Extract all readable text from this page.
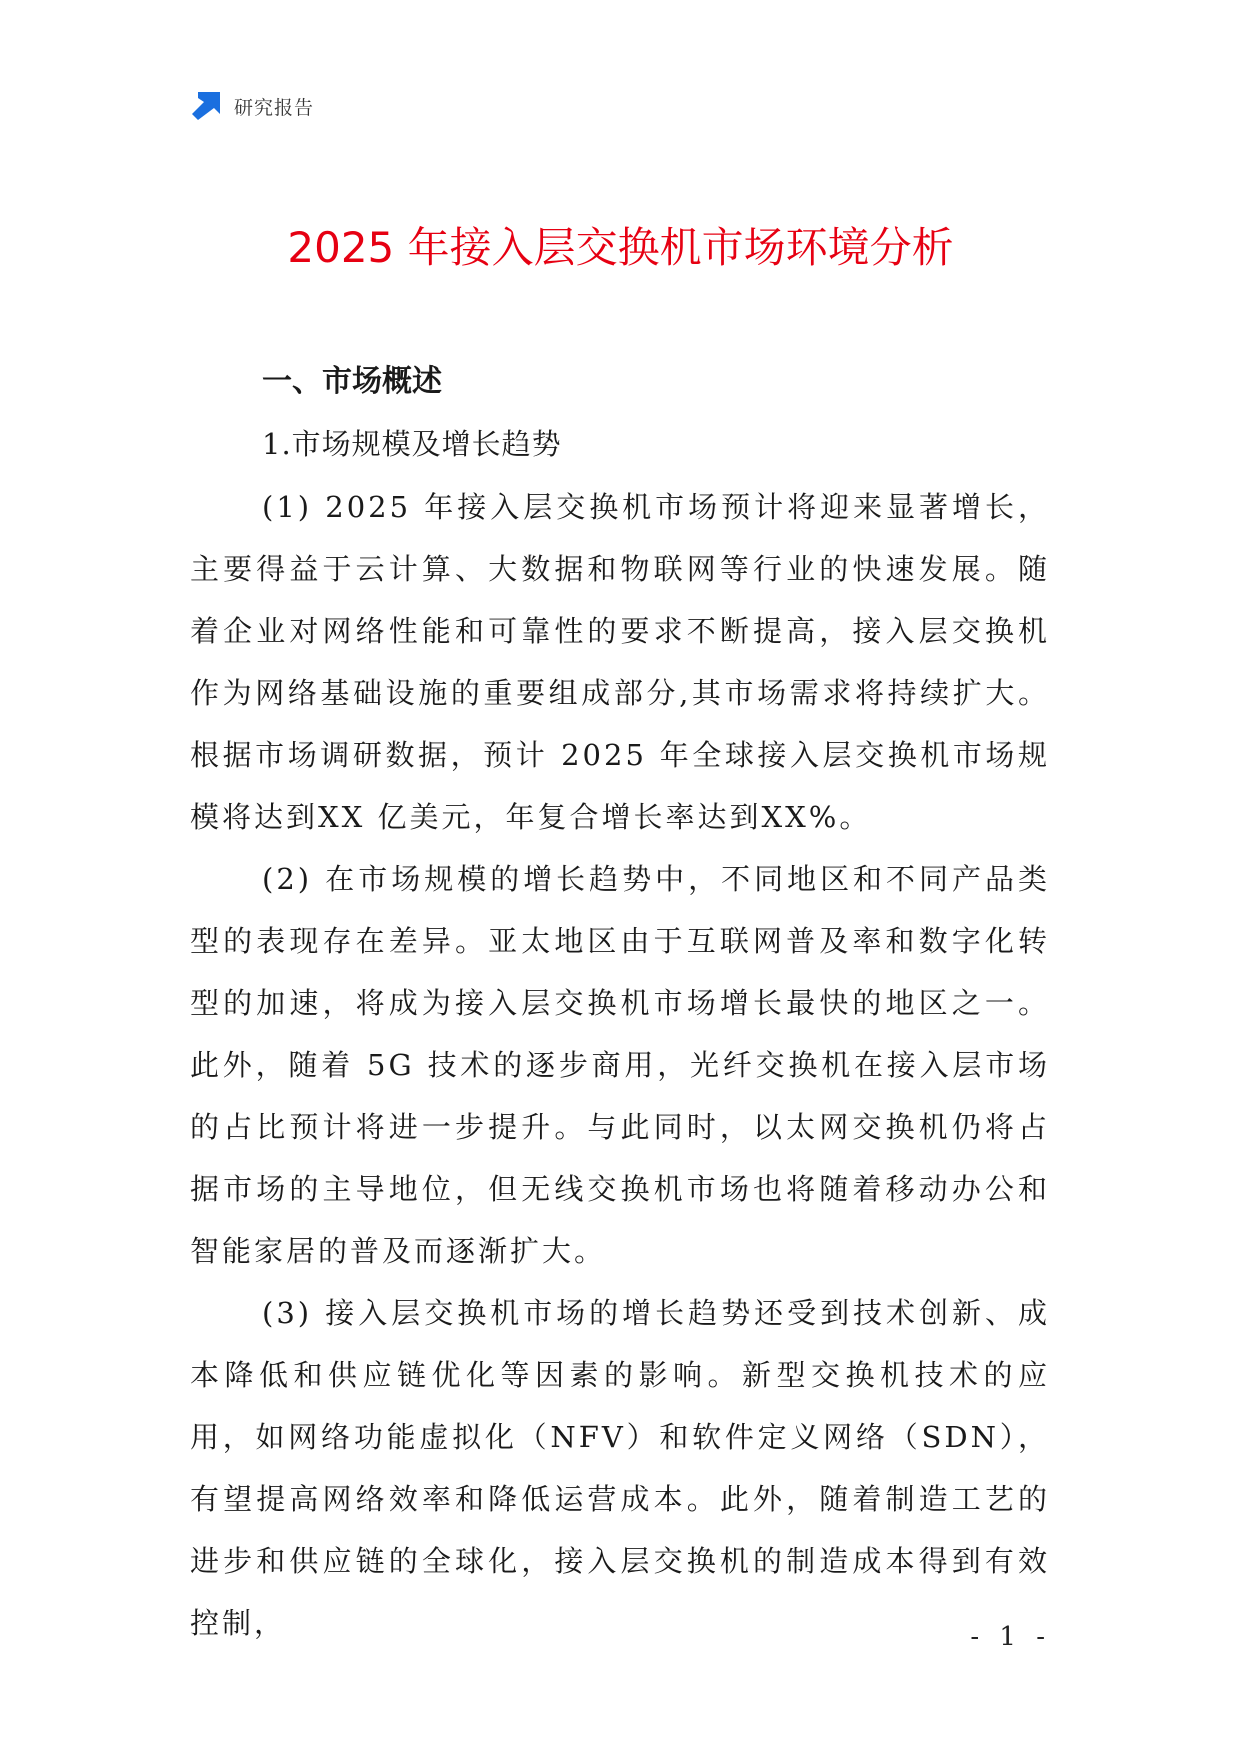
研究报告
2025 年接入层交换机市场环境分析
一、市场概述
1.市场规模及增长趋势

(1) 2025 年接入层交换机市场预计将迎来显著增长，主要得益于云计算、大数据和物联网等行业的快速发展。随着企业对网络性能和可靠性的要求不断提高，接入层交换机作为网络基础设施的重要组成部分,其市场需求将持续扩大。根据市场调研数据，预计 2025 年全球接入层交换机市场规模将达到XX 亿美元，年复合增长率达到XX%。

(2) 在市场规模的增长趋势中，不同地区和不同产品类型的表现存在差异。亚太地区由于互联网普及率和数字化转型的加速，将成为接入层交换机市场增长最快的地区之一。此外，随着 5G 技术的逐步商用，光纤交换机在接入层市场的占比预计将进一步提升。与此同时，以太网交换机仍将占据市场的主导地位，但无线交换机市场也将随着移动办公和智能家居的普及而逐渐扩大。

(3) 接入层交换机市场的增长趋势还受到技术创新、成本降低和供应链优化等因素的影响。新型交换机技术的应用，如网络功能虚拟化（NFV）和软件定义网络（SDN），有望提高网络效率和降低运营成本。此外，随着制造工艺的进步和供应链的全球化，接入层交换机的制造成本得到有效控制，	- 1 -
